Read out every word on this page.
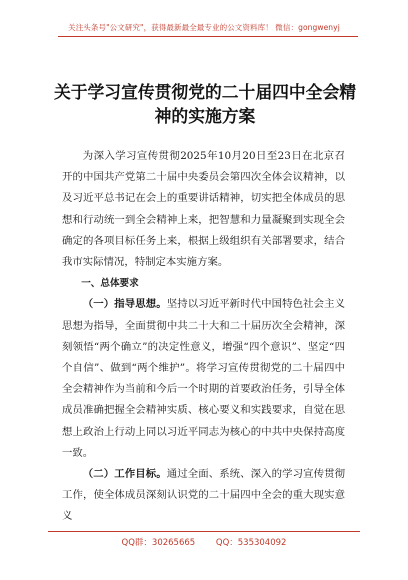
关注头条号"公文研究"，获得最新最全最专业的公文资料库！ 微信：gongwenyj
关于学习宣传贯彻党的二十届四中全会精神的实施方案

为深入学习宣传贯彻2025年10月20日至23日在北京召开的中国共产党第二十届中央委员会第四次全体会议精神，以及习近平总书记在会上的重要讲话精神，切实把全体成员的思想和行动统一到全会精神上来，把智慧和力量凝聚到实现全会确定的各项目标任务上来，根据上级组织有关部署要求，结合我市实际情况，特制定本实施方案。

一、总体要求

（一）指导思想。坚持以习近平新时代中国特色社会主义思想为指导，全面贯彻中共二十大和二十届历次全会精神，深刻领悟“两个确立”的决定性意义，增强“四个意识”、坚定“四个自信”、做到“两个维护”。将学习宣传贯彻党的二十届四中全会精神作为当前和今后一个时期的首要政治任务，引导全体成员准确把握全会精神实质、核心要义和实践要求，自觉在思想上政治上行动上同以习近平同志为核心的中共中央保持高度一致。

（二）工作目标。通过全面、系统、深入的学习宣传贯彻工作，使全体成员深刻认识党的二十届四中全会的重大现实意义

QQ群：30265665 QQ：535304092
